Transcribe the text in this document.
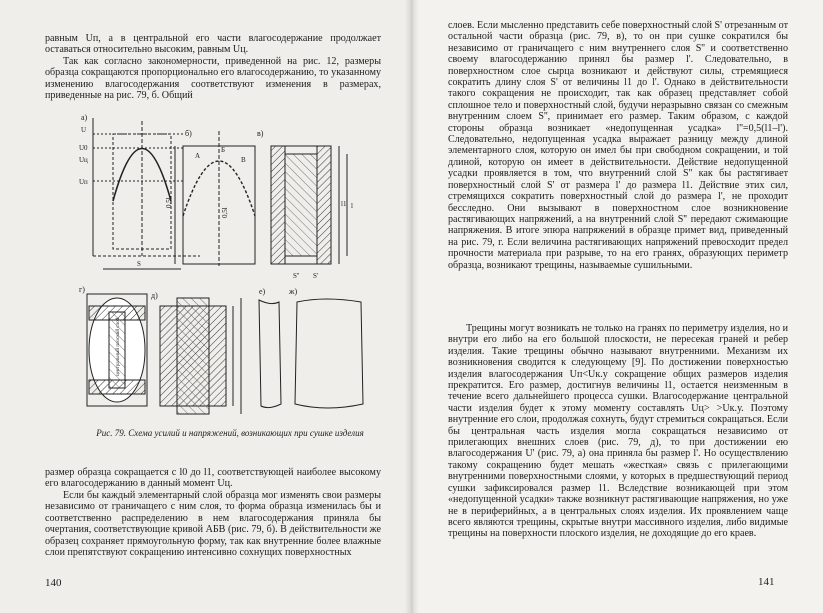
равным Uп, а в центральной его части влагосодержание продолжает оставаться относительно высоким, равным Uц.

Так как согласно закономерности, приведенной на рис. 12, размеры образца сокращаются пропорционально его влагосодержанию, то указанному изменению влагосодержания соответствуют изменения в размерах, приведенные на рис. 79, б. Общий

а)
U
U0
Uц
Uп
S
б)
А
Б
В
0,5l
0,5l
в)
l1 l
S'
S''
центральный плоский слой
г)
д)	е)	ж)
Рис. 79. Схема усилий и напряжений, возникающих при сушке изделия

размер образца сокращается с l0 до l1, соответствующей наиболее высокому его влагосодержанию в данный момент Uц.

Если бы каждый элементарный слой образца мог изменять свои размеры независимо от граничащего с ним слоя, то форма образца изменилась бы и соответственно распределению в нем влагосодержания приняла бы очертания, соответствующие кривой АБВ (рис. 79, б). В действительности же образец сохраняет прямоугольную форму, так как внутренние более влажные слои препятствуют сокращению интенсивно сохнущих поверхностных

140

слоев. Если мысленно представить себе поверхностный слой S' отрезанным от остальной части образца (рис. 79, в), то он при сушке сократился бы независимо от граничащего с ним внутреннего слоя S'' и соответственно своему влагосодержанию принял бы размер l'. Следовательно, в поверхностном слое сырца возникают и действуют силы, стремящиеся сократить длину слоя S' от величины l1 до l'. Однако в действительности такого сокращения не происходит, так как образец представляет собой сплошное тело и поверхностный слой, будучи неразрывно связан со смежным внутренним слоем S'', принимает его размер. Таким образом, с каждой стороны образца возникает «недопущенная усадка» l''=0,5(l1–l'). Следовательно, недопущенная усадка выражает разницу между длиной элементарного слоя, которую он имел бы при свободном сокращении, и той длиной, которую он имеет в действительности. Действие недопущенной усадки проявляется в том, что внутренний слой S'' как бы растягивает поверхностный слой S' от размера l' до размера l1. Действие этих сил, стремящихся сократить поверхностный слой до размера l', не проходит бесследно. Они вызывают в поверхностном слое возникновение растягивающих напряжений, а на внутренний слой S'' передают сжимающие напряжения. В итоге эпюра напряжений в образце примет вид, приведенный на рис. 79, г. Если величина растягивающих напряжений превосходит предел прочности материала при разрыве, то на его гранях, образующих периметр образца, возникают трещины, называемые сушильными.

Трещины могут возникать не только на гранях по периметру изделия, но и внутри его либо на его большой плоскости, не пересекая граней и ребер изделия. Такие трещины обычно называют внутренними. Механизм их возникновения сводится к следующему [9]. По достижении поверхностью изделия влагосодержания Uп<Uк.у сокращение общих размеров изделия прекратится. Его размер, достигнув величины l1, остается неизменным в течение всего дальнейшего процесса сушки. Влагосодержание центральной части изделия будет к этому моменту составлять Uц> >Uк.у. Поэтому внутренние его слои, продолжая сохнуть, будут стремиться сокращаться. Если бы центральная часть изделия могла сокращаться независимо от прилегающих внешних слоев (рис. 79, д), то при достижении ею влагосодержания U' (рис. 79, а) она приняла бы размер l'. Но осуществлению такому сокращению будет мешать «жесткая» связь с прилегающими внутренними поверхностными слоями, у которых в предшествующий период сушки зафиксировался размер l1. Вследствие возникающей при этом «недопущенной усадки» также возникнут растягивающие напряжения, но уже не в периферийных, а в центральных слоях изделия. Их проявлением чаще всего являются трещины, скрытые внутри массивного изделия, либо видимые трещины на поверхности плоского изделия, не доходящие до его краев.

141
